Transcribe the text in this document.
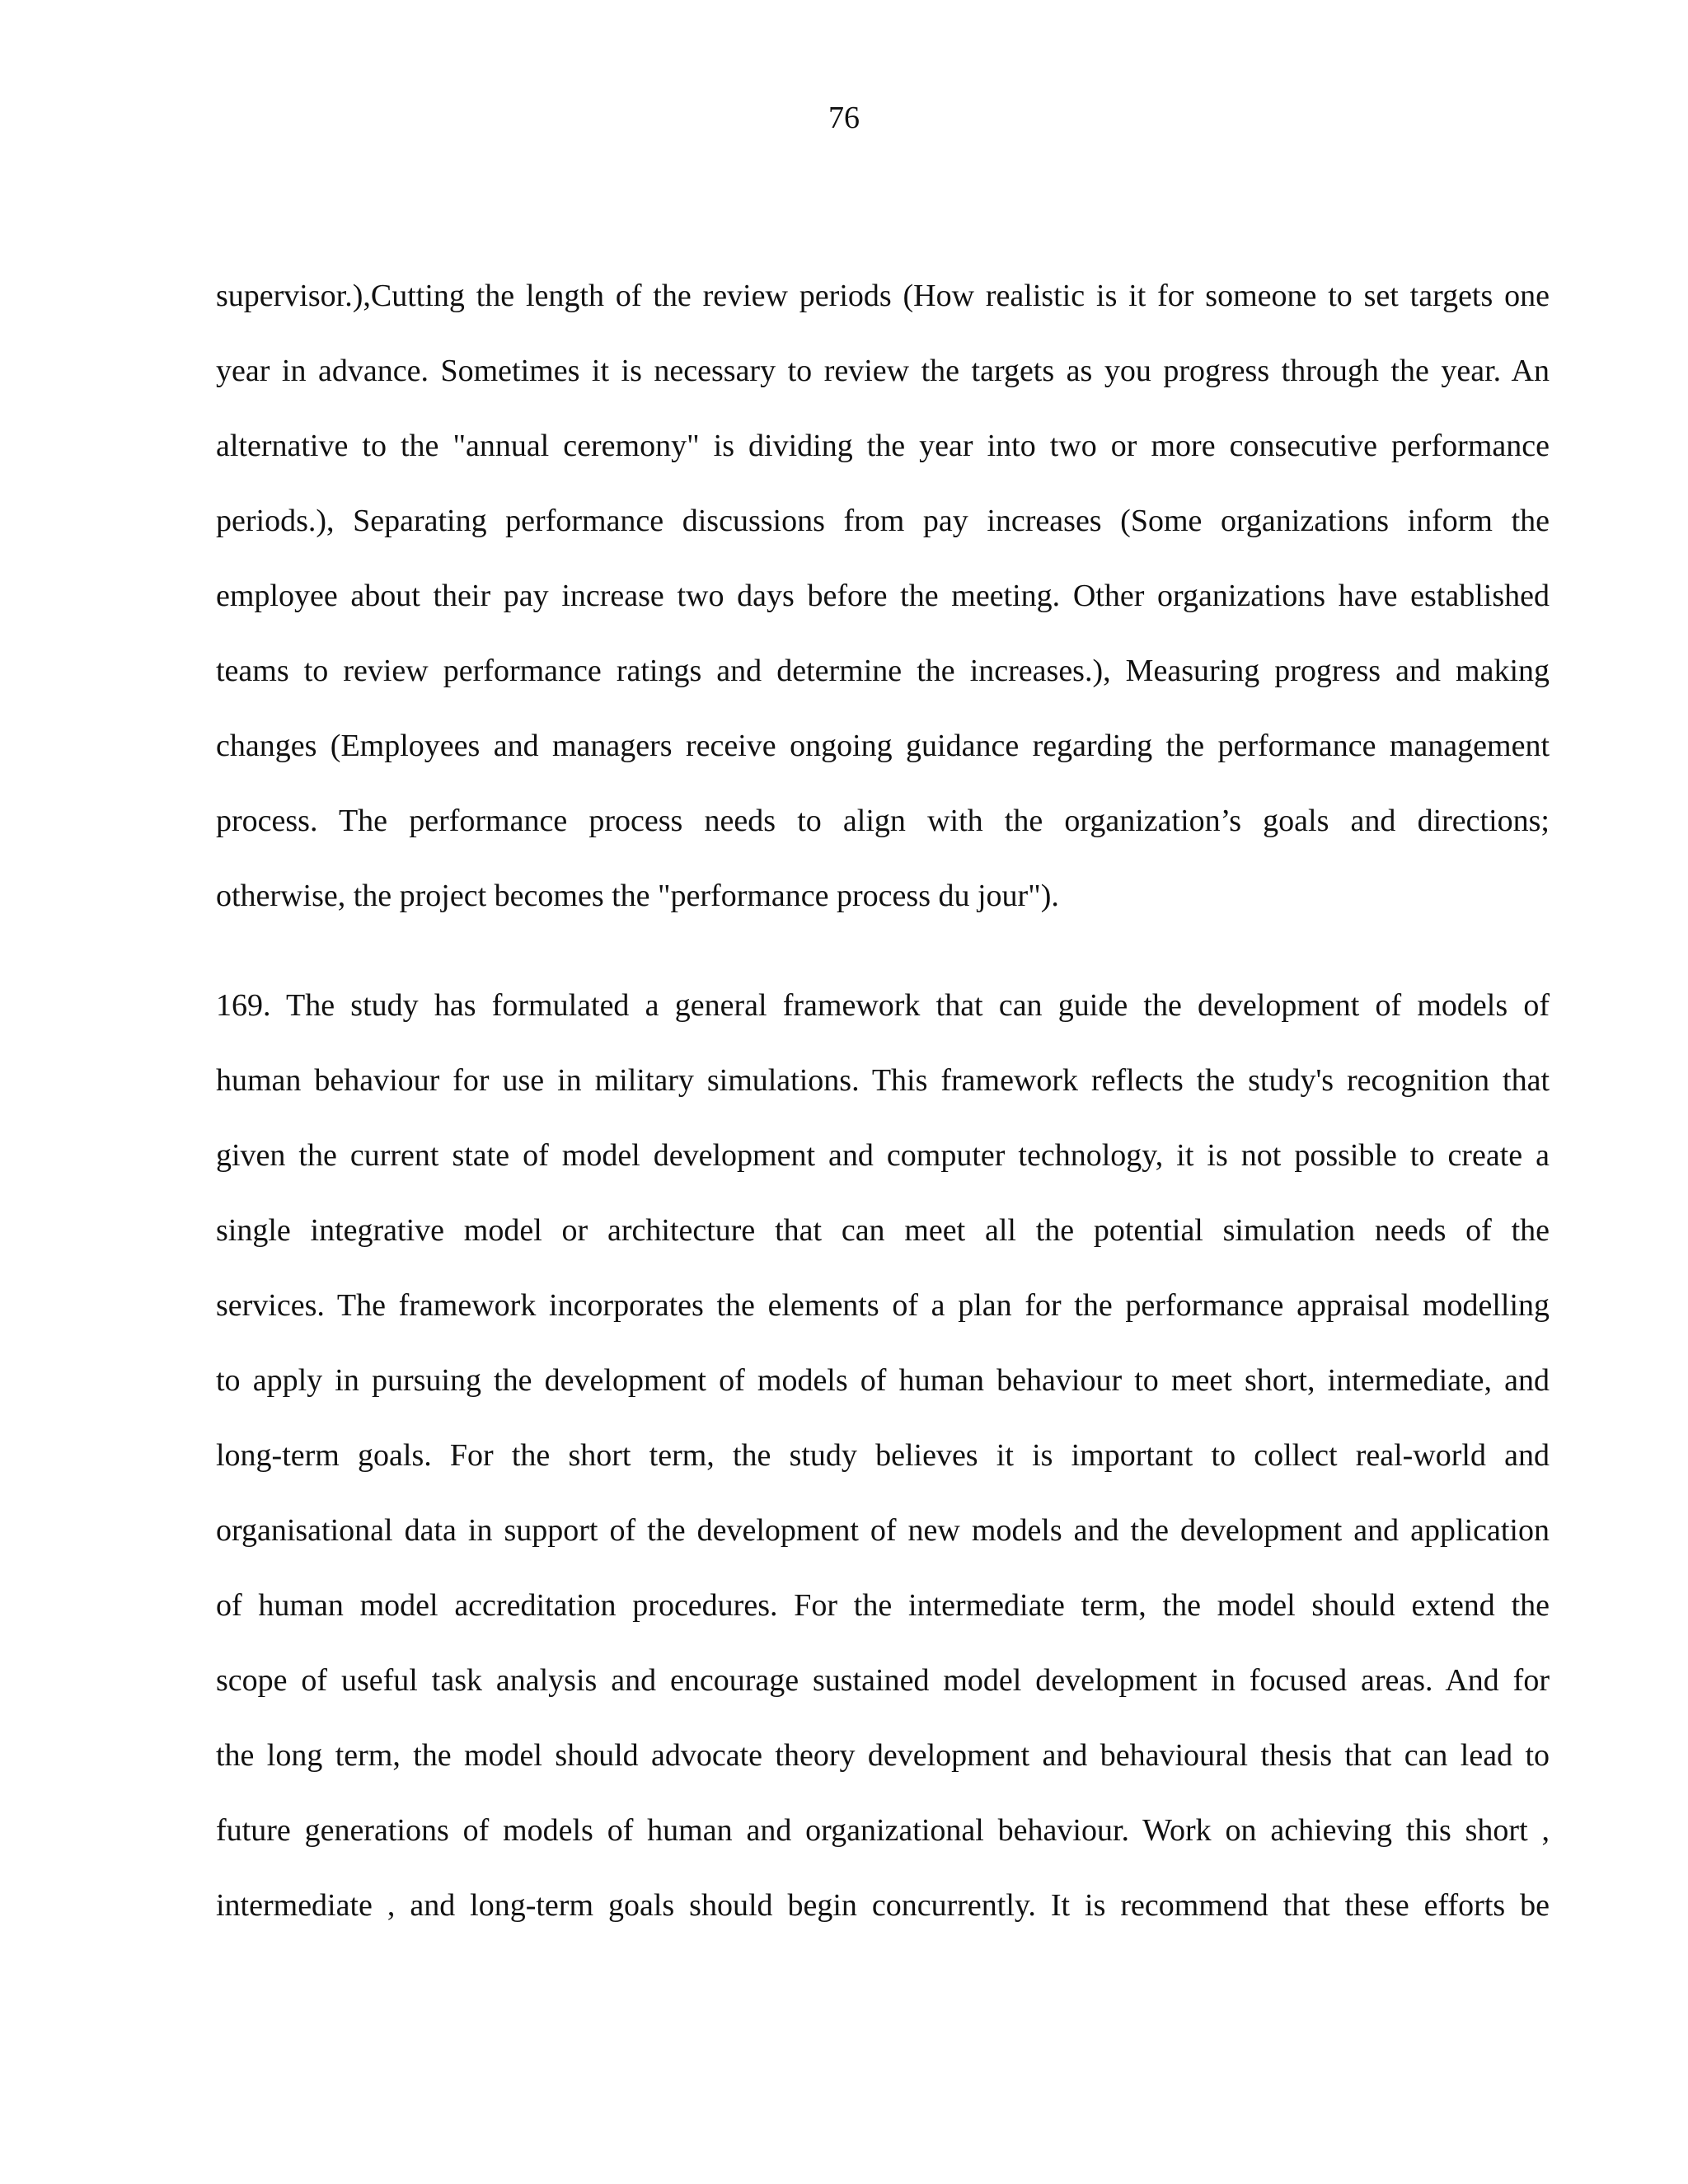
76
supervisor.),Cutting the length of the review periods (How realistic is it for someone to set targets one
year in advance. Sometimes it is necessary to review the targets as you progress through the year. An
alternative to the "annual ceremony" is dividing the year into two or more consecutive performance
periods.), Separating performance discussions from pay increases (Some organizations inform the
employee about their pay increase two days before the meeting. Other organizations have established
teams to review performance ratings and determine the increases.), Measuring progress and making
changes (Employees and managers receive ongoing guidance regarding the performance management
process. The performance process needs to align with the organization’s goals and directions;
otherwise, the project becomes the "performance process du jour").
169. The study has formulated a general framework that can guide the development of models of
human behaviour for use in military simulations. This framework reflects the study's recognition that
given the current state of model development and computer technology, it is not possible to create a
single integrative model or architecture that can meet all the potential simulation needs of the
services. The framework incorporates the elements of a plan for the performance appraisal modelling
to apply in pursuing the development of models of human behaviour to meet short, intermediate, and
long-term goals. For the short term, the study believes it is important to collect real-world and
organisational data in support of the development of new models and the development and application
of human model accreditation procedures. For the intermediate term, the model should extend the
scope of useful task analysis and encourage sustained model development in focused areas. And for
the long term, the model should advocate theory development and behavioural thesis that can lead to
future generations of models of human and organizational behaviour. Work on achieving this short ,
intermediate , and long-term goals should begin concurrently. It is recommend that these efforts be
